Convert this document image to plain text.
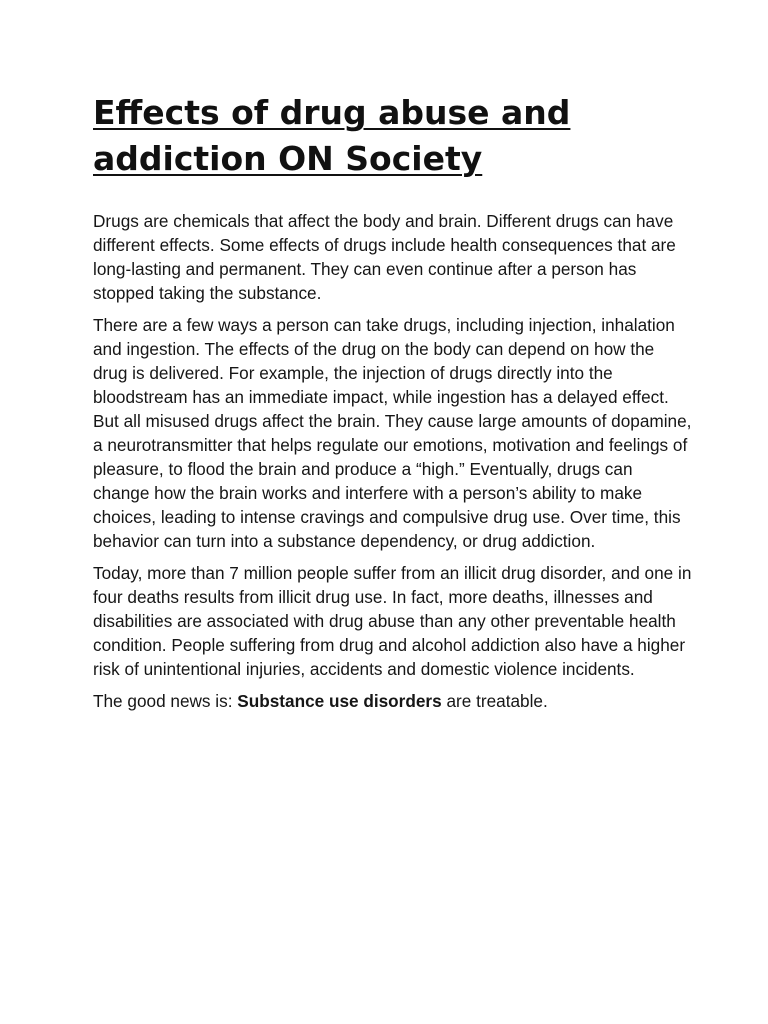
Effects of drug abuse and
addiction ON Society

Drugs are chemicals that affect the body and brain. Different drugs can have different effects. Some effects of drugs include health consequences that are long-lasting and permanent. They can even continue after a person has stopped taking the substance.

There are a few ways a person can take drugs, including injection, inhalation and ingestion. The effects of the drug on the body can depend on how the drug is delivered. For example, the injection of drugs directly into the bloodstream has an immediate impact, while ingestion has a delayed effect. But all misused drugs affect the brain. They cause large amounts of dopamine, a neurotransmitter that helps regulate our emotions, motivation and feelings of pleasure, to flood the brain and produce a “high.” Eventually, drugs can change how the brain works and interfere with a person’s ability to make choices, leading to intense cravings and compulsive drug use. Over time, this behavior can turn into a substance dependency, or drug addiction.

Today, more than 7 million people suffer from an illicit drug disorder, and one in four deaths results from illicit drug use. In fact, more deaths, illnesses and disabilities are associated with drug abuse than any other preventable health condition. People suffering from drug and alcohol addiction also have a higher risk of unintentional injuries, accidents and domestic violence incidents.

The good news is: Substance use disorders are treatable.
